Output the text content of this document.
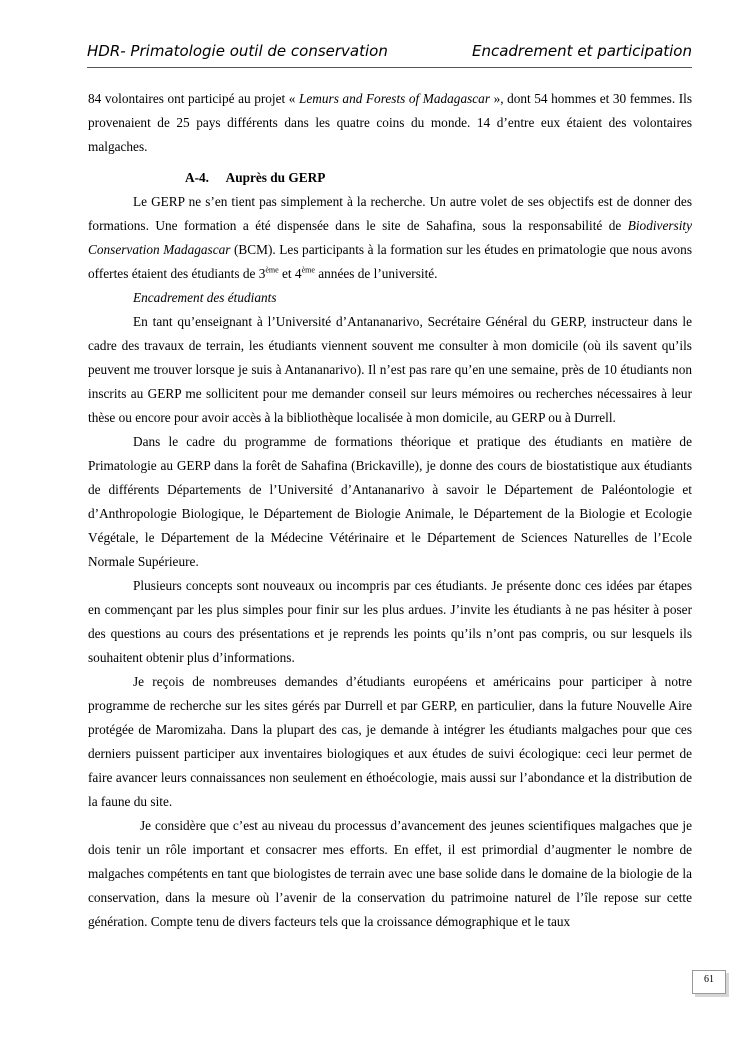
HDR- Primatologie outil de conservation	Encadrement et participation

84 volontaires ont participé au projet « Lemurs and Forests of Madagascar », dont 54 hommes et 30 femmes. Ils provenaient de 25 pays différents dans les quatre coins du monde. 14 d’entre eux étaient des volontaires malgaches.

A-4. Auprès du GERP

Le GERP ne s’en tient pas simplement à la recherche. Un autre volet de ses objectifs est de donner des formations. Une formation a été dispensée dans le site de Sahafina, sous la responsabilité de Biodiversity Conservation Madagascar (BCM). Les participants à la formation sur les études en primatologie que nous avons offertes étaient des étudiants de 3ème et 4ème années de l’université.

Encadrement des étudiants

En tant qu’enseignant à l’Université d’Antananarivo, Secrétaire Général du GERP, instructeur dans le cadre des travaux de terrain, les étudiants viennent souvent me consulter à mon domicile (où ils savent qu’ils peuvent me trouver lorsque je suis à Antananarivo). Il n’est pas rare qu’en une semaine, près de 10 étudiants non inscrits au GERP me sollicitent pour me demander conseil sur leurs mémoires ou recherches nécessaires à leur thèse ou encore pour avoir accès à la bibliothèque localisée à mon domicile, au GERP ou à Durrell.

Dans le cadre du programme de formations théorique et pratique des étudiants en matière de Primatologie au GERP dans la forêt de Sahafina (Brickaville), je donne des cours de biostatistique aux étudiants de différents Départements de l’Université d’Antananarivo à savoir le Département de Paléontologie et d’Anthropologie Biologique, le Département de Biologie Animale, le Département de la Biologie et Ecologie Végétale, le Département de la Médecine Vétérinaire et le Département de Sciences Naturelles de l’Ecole Normale Supérieure.

Plusieurs concepts sont nouveaux ou incompris par ces étudiants. Je présente donc ces idées par étapes en commençant par les plus simples pour finir sur les plus ardues. J’invite les étudiants à ne pas hésiter à poser des questions au cours des présentations et je reprends les points qu’ils n’ont pas compris, ou sur lesquels ils souhaitent obtenir plus d’informations.

Je reçois de nombreuses demandes d’étudiants européens et américains pour participer à notre programme de recherche sur les sites gérés par Durrell et par GERP, en particulier, dans la future Nouvelle Aire protégée de Maromizaha. Dans la plupart des cas, je demande à intégrer les étudiants malgaches pour que ces derniers puissent participer aux inventaires biologiques et aux études de suivi écologique: ceci leur permet de faire avancer leurs connaissances non seulement en éthoécologie, mais aussi sur l’abondance et la distribution de la faune du site.

Je considère que c’est au niveau du processus d’avancement des jeunes scientifiques malgaches que je dois tenir un rôle important et consacrer mes efforts. En effet, il est primordial d’augmenter le nombre de malgaches compétents en tant que biologistes de terrain avec une base solide dans le domaine de la biologie de la conservation, dans la mesure où l’avenir de la conservation du patrimoine naturel de l’île repose sur cette génération. Compte tenu de divers facteurs tels que la croissance démographique et le taux

61
